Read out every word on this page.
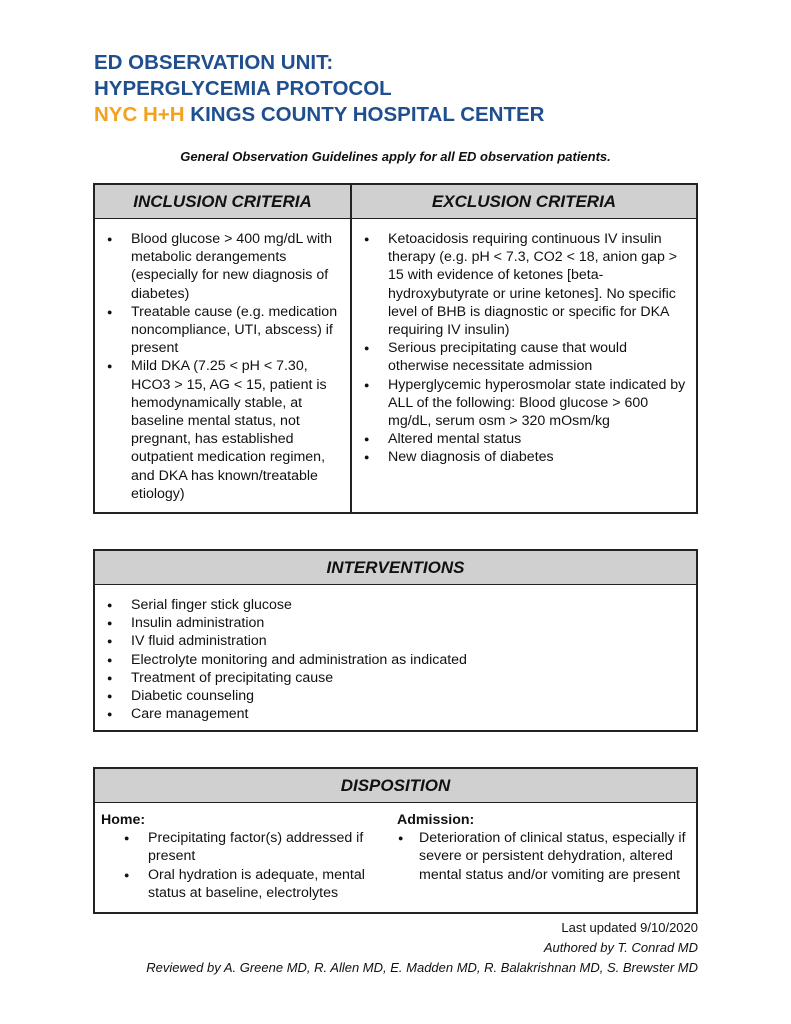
ED OBSERVATION UNIT:
HYPERGLYCEMIA PROTOCOL
NYC H+H KINGS COUNTY HOSPITAL CENTER
General Observation Guidelines apply for all ED observation patients.
INCLUSION CRITERIA
● Blood glucose > 400 mg/dL with metabolic derangements (especially for new diagnosis of diabetes)
● Treatable cause (e.g. medication noncompliance, UTI, abscess) if present
● Mild DKA (7.25 < pH < 7.30, HCO3 > 15, AG < 15, patient is hemodynamically stable, at baseline mental status, not pregnant, has established outpatient medication regimen, and DKA has known/treatable etiology)
EXCLUSION CRITERIA
● Ketoacidosis requiring continuous IV insulin therapy (e.g. pH < 7.3, CO2 < 18, anion gap > 15 with evidence of ketones [beta-hydroxybutyrate or urine ketones]. No specific level of BHB is diagnostic or specific for DKA requiring IV insulin)
● Serious precipitating cause that would otherwise necessitate admission
● Hyperglycemic hyperosmolar state indicated by ALL of the following: Blood glucose > 600 mg/dL, serum osm > 320 mOsm/kg
● Altered mental status
● New diagnosis of diabetes
INTERVENTIONS
● Serial finger stick glucose
● Insulin administration
● IV fluid administration
● Electrolyte monitoring and administration as indicated
● Treatment of precipitating cause
● Diabetic counseling
● Care management
DISPOSITION
Home:
● Precipitating factor(s) addressed if present
● Oral hydration is adequate, mental status at baseline, electrolytes
Admission:
● Deterioration of clinical status, especially if severe or persistent dehydration, altered mental status and/or vomiting are present
Last updated 9/10/2020
Authored by T. Conrad MD
Reviewed by A. Greene MD, R. Allen MD, E. Madden MD, R. Balakrishnan MD, S. Brewster MD
